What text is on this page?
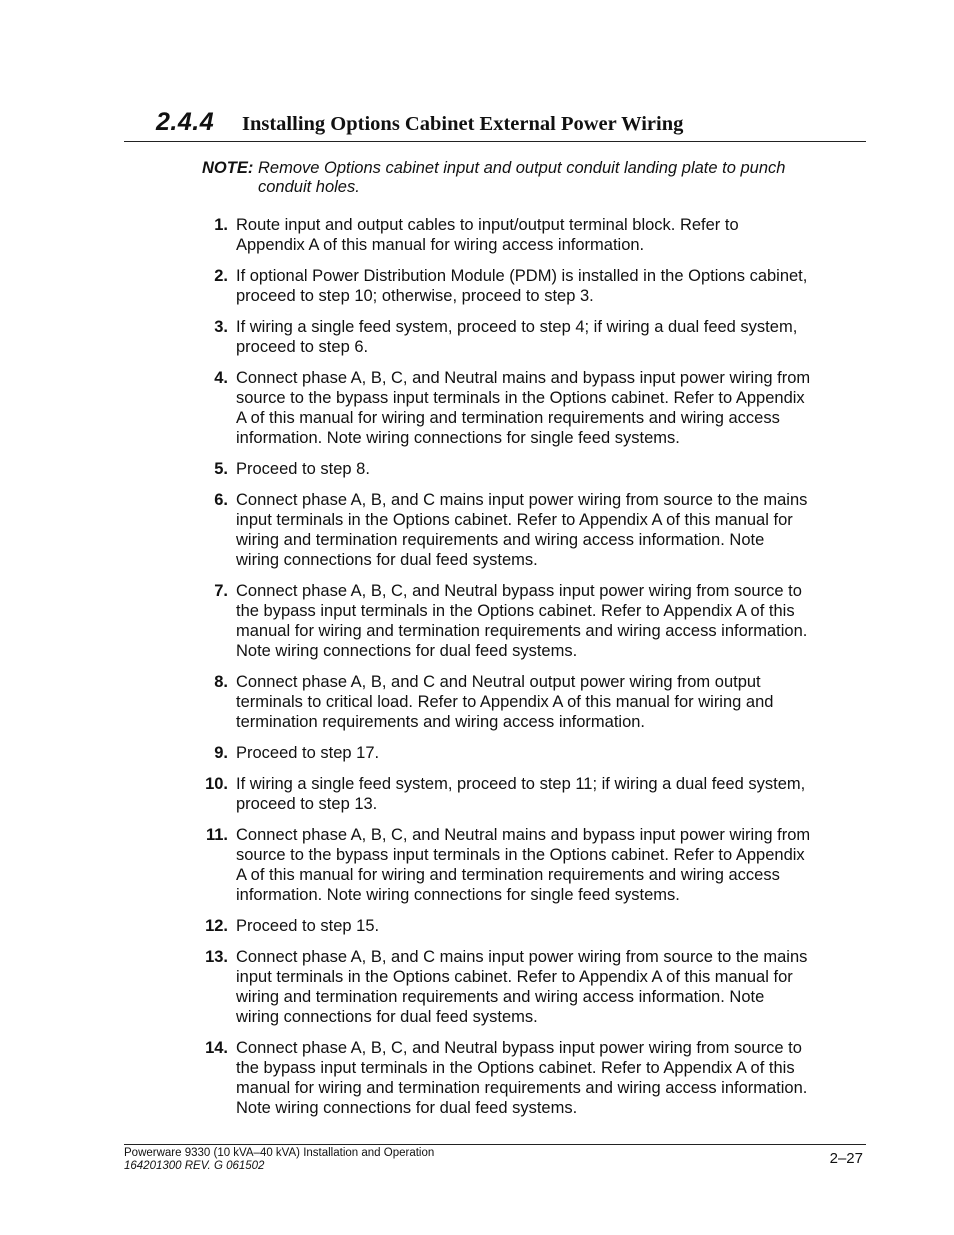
2.4.4 Installing Options Cabinet External Power Wiring
NOTE: Remove Options cabinet input and output conduit landing plate to punch
conduit holes.
1. Route input and output cables to input/output terminal block. Refer to
Appendix A of this manual for wiring access information.
2. If optional Power Distribution Module (PDM) is installed in the Options cabinet,
proceed to step 10; otherwise, proceed to step 3.
3. If wiring a single feed system, proceed to step 4; if wiring a dual feed system,
proceed to step 6.
4. Connect phase A, B, C, and Neutral mains and bypass input power wiring from
source to the bypass input terminals in the Options cabinet. Refer to Appendix
A of this manual for wiring and termination requirements and wiring access
information. Note wiring connections for single feed systems.
5. Proceed to step 8.
6. Connect phase A, B, and C mains input power wiring from source to the mains
input terminals in the Options cabinet. Refer to Appendix A of this manual for
wiring and termination requirements and wiring access information. Note
wiring connections for dual feed systems.
7. Connect phase A, B, C, and Neutral bypass input power wiring from source to
the bypass input terminals in the Options cabinet. Refer to Appendix A of this
manual for wiring and termination requirements and wiring access information.
Note wiring connections for dual feed systems.
8. Connect phase A, B, and C and Neutral output power wiring from output
terminals to critical load. Refer to Appendix A of this manual for wiring and
termination requirements and wiring access information.
9. Proceed to step 17.
10. If wiring a single feed system, proceed to step 11; if wiring a dual feed system,
proceed to step 13.
11. Connect phase A, B, C, and Neutral mains and bypass input power wiring from
source to the bypass input terminals in the Options cabinet. Refer to Appendix
A of this manual for wiring and termination requirements and wiring access
information. Note wiring connections for single feed systems.
12. Proceed to step 15.
13. Connect phase A, B, and C mains input power wiring from source to the mains
input terminals in the Options cabinet. Refer to Appendix A of this manual for
wiring and termination requirements and wiring access information. Note
wiring connections for dual feed systems.
14. Connect phase A, B, C, and Neutral bypass input power wiring from source to
the bypass input terminals in the Options cabinet. Refer to Appendix A of this
manual for wiring and termination requirements and wiring access information.
Note wiring connections for dual feed systems.
Powerware 9330 (10 kVA–40 kVA) Installation and Operation
164201300 REV. G 061502	2–27
